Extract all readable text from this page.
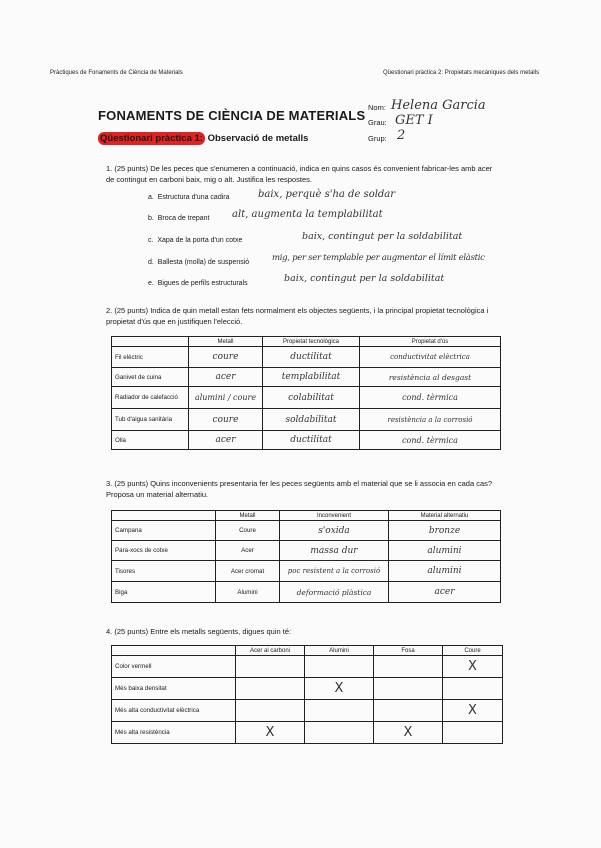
Pràctiques de Fonaments de Ciència de Materials	Qüestionari pràctica 2: Propietats mecàniques dels metalls
FONAMENTS DE CIÈNCIA DE MATERIALS
Qüestionari pràctica 1: Observació de metalls
Nom: Helena Garcia
Grau: GET I
Grup: 2
1. (25 punts) De les peces que s'enumeren a continuació, indica en quins casos és convenient fabricar-les amb acer de contingut en carboni baix, mig o alt. Justifica les respostes.
a. Estructura d'una cadira	baix, perquè s'ha de soldar
b. Broca de trepant alt, augmenta la templabilitat
c. Xapa de la porta d'un cotxe	baix, contingut per la soldabilitat
d. Ballesta (molla) de suspensió	mig, per ser templable per augmentar el límit elàstic
e. Bigues de perfils estructurals	baix, contingut per la soldabilitat
2. (25 punts) Indica de quin metall estan fets normalment els objectes següents, i la principal propietat tecnològica i propietat d'ús que en justifiquen l'elecció.
	Metall	Propietat tecnològica	Propietat d'ús
Fil elèctric	coure	ductilitat	conductivitat elèctrica
Ganivet de cuina	acer	templabilitat	resistència al desgast
Radiador de calefacció	alumini / coure	colabilitat	cond. tèrmica
Tub d'aigua sanitària	coure	soldabilitat	resistència a la corrosió
Olla	acer	ductilitat	cond. tèrmica
3. (25 punts) Quins inconvenients presentaria fer les peces següents amb el material que se li associa en cada cas? Proposa un material alternatiu.
	Metall	Inconvenient	Material alternatiu
Campana	Coure	s'oxida	bronze
Para-xocs de cotxe	Acer	massa dur	alumini
Tisores	Acer cromat	poc resistent a la corrosió	alumini
Biga	Alumini	deformació plàstica	acer
4. (25 punts) Entre els metalls següents, digues quin té:
	Acer al carboni	Alumini	Fosa	Coure
Color vermell				X
Més baixa densitat		X		
Més alta conductivitat elèctrica				X
Més alta resistència	X		X	
